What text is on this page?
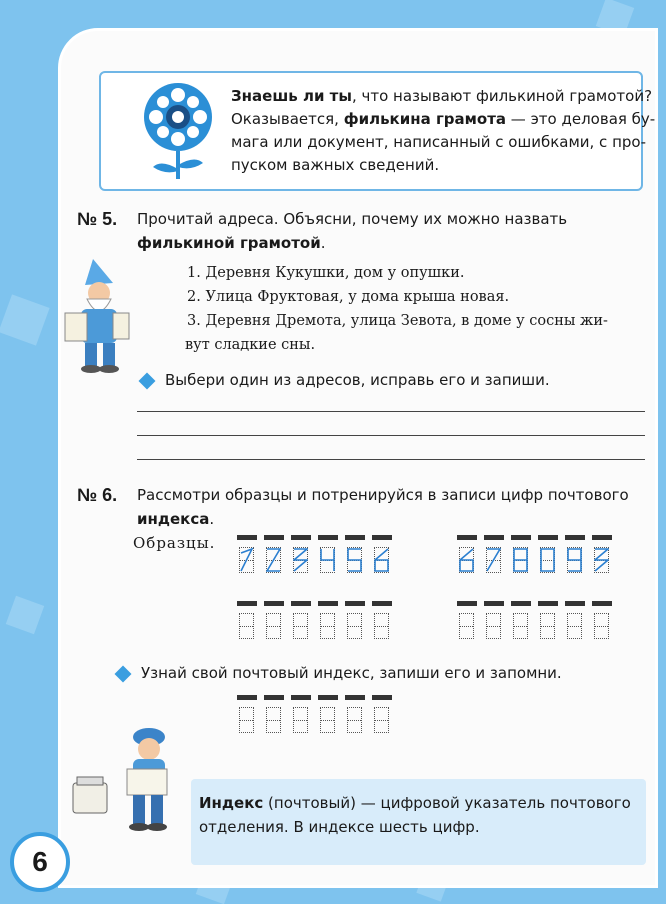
Знаешь ли ты, что называют филькиной грамотой?
Оказывается, филькина грамота — это деловая бу-
мага или документ, написанный с ошибками, с про-
пуском важных сведений.
№ 5. Прочитай адреса. Объясни, почему их можно назвать филькиной грамотой.
1. Деревня Кукушки, дом у опушки.
2. Улица Фруктовая, у дома крыша новая.
3. Деревня Дремота, улица Зевота, в доме у сосны жи-
вут сладкие сны.
Выбери один из адресов, исправь его и запиши.
№ 6. Рассмотри образцы и потренируйся в записи цифр почтового
индекса.
Образцы.
Узнай свой почтовый индекс, запиши его и запомни.
Индекс (почтовый) — цифровой указатель почтового
отделения. В индексе шесть цифр.
6
